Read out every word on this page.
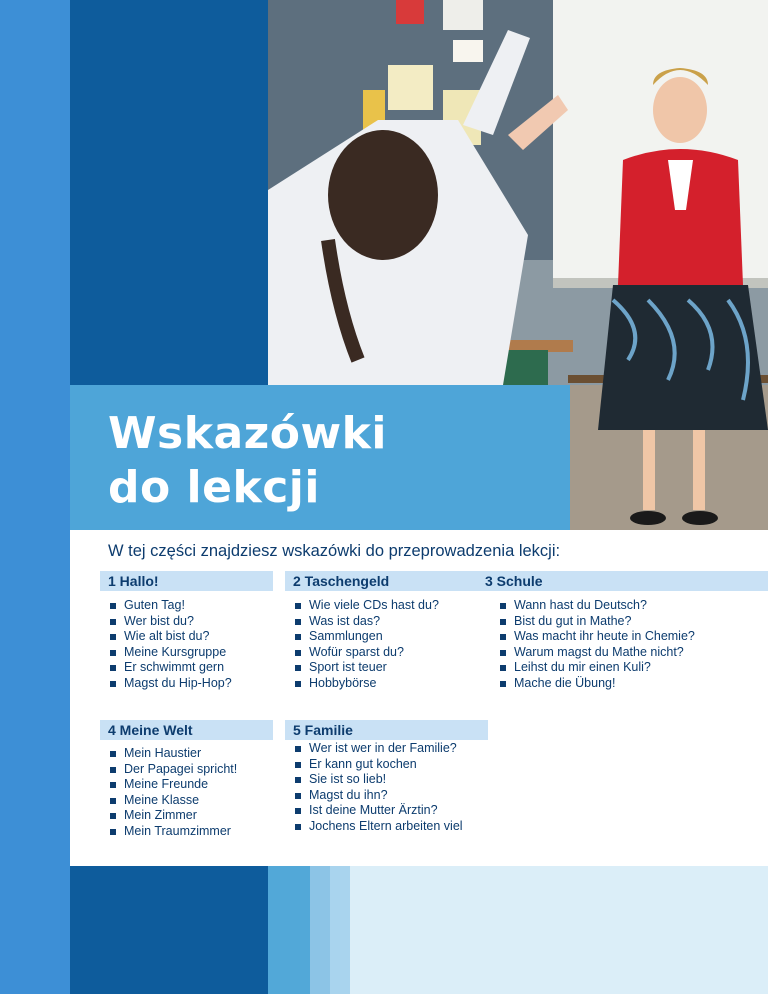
Wskazówki
do lekcji

W tej części znajdziesz wskazówki do przeprowadzenia lekcji:

1 Hallo!
Guten Tag!
Wer bist du?
Wie alt bist du?
Meine Kursgruppe
Er schwimmt gern
Magst du Hip-Hop?
2 Taschengeld
Wie viele CDs hast du?
Was ist das?
Sammlungen
Wofür sparst du?
Sport ist teuer
Hobbybörse
3 Schule
Wann hast du Deutsch?
Bist du gut in Mathe?
Was macht ihr heute in Chemie?
Warum magst du Mathe nicht?
Leihst du mir einen Kuli?
Mache die Übung!
4 Meine Welt
Mein Haustier
Der Papagei spricht!
Meine Freunde
Meine Klasse
Mein Zimmer
Mein Traumzimmer
5 Familie
Wer ist wer in der Familie?
Er kann gut kochen
Sie ist so lieb!
Magst du ihn?
Ist deine Mutter Ärztin?
Jochens Eltern arbeiten viel
